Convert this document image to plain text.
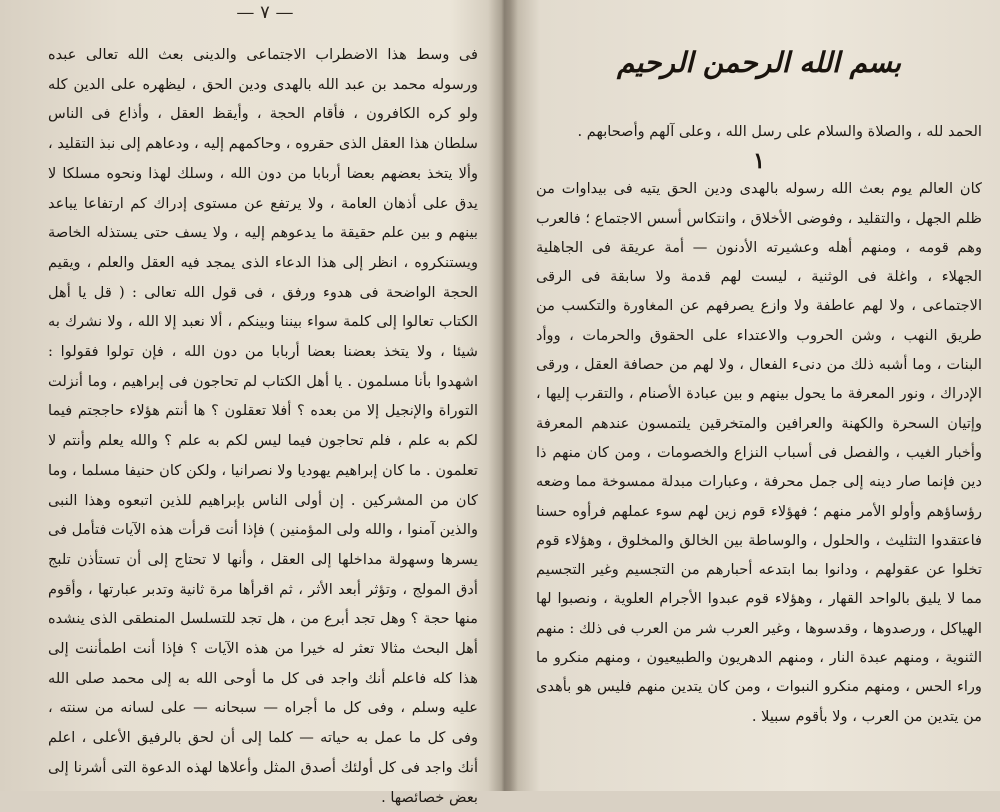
— ٧ —

فى وسط هذا الاضطراب الاجتماعى والدينى بعث الله تعالى عبده ورسوله محمد بن عبد الله بالهدى ودين الحق ، ليظهره على الدين كله ولو كره الكافرون ، فأقام الحجة ، وأيقظ العقل ، وأذاع فى الناس سلطان هذا العقل الذى حقروه ، وحاكمهم إليه ، ودعاهم إلى نبذ التقليد ، وألا يتخذ بعضهم بعضا أربابا من دون الله ، وسلك لهذا ونحوه مسلكا لا يدق على أذهان العامة ، ولا يرتفع عن مستوى إدراك كم ارتفاعا يباعد بينهم و بين علم حقيقة ما يدعوهم إليه ، ولا يسف حتى يستذله الخاصة ويستنكروه ، انظر إلى هذا الدعاء الذى يمجد فيه العقل والعلم ، ويقيم الحجة الواضحة فى هدوء ورفق ، فى قول الله تعالى : ( قل يا أهل الكتاب تعالوا إلى كلمة سواء بيننا وبينكم ، ألا نعبد إلا الله ، ولا نشرك به شيئا ، ولا يتخذ بعضنا بعضا أربابا من دون الله ، فإن تولوا فقولوا : اشهدوا بأنا مسلمون . يا أهل الكتاب لم تحاجون فى إبراهيم ، وما أنزلت التوراة والإنجيل إلا من بعده ؟ أفلا تعقلون ؟ ها أنتم هؤلاء حاججتم فيما لكم به علم ، فلم تحاجون فيما ليس لكم به علم ؟ والله يعلم وأنتم لا تعلمون . ما كان إبراهيم يهوديا ولا نصرانيا ، ولكن كان حنيفا مسلما ، وما كان من المشركين . إن أولى الناس بإبراهيم للذين اتبعوه وهذا النبى والذين آمنوا ، والله ولى المؤمنين ) فإذا أنت قرأت هذه الآيات فتأمل فى يسرها وسهولة مداخلها إلى العقل ، وأنها لا تحتاج إلى أن تستأذن تلبج أدق المولج ، وتؤثر أبعد الأثر ، ثم اقرأها مرة ثانية وتدبر عبارتها ، وأقوم منها حجة ؟ وهل تجد أبرع من ، هل تجد للتسلسل المنطقى الذى ينشده أهل البحث مثالا تعثر له خيرا من هذه الآيات ؟ فإذا أنت اطمأننت إلى هذا كله فاعلم أنك واجد فى كل ما أوحى الله به إلى محمد صلى الله عليه وسلم ، وفى كل ما أجراه — سبحانه — على لسانه من سنته ، وفى كل ما عمل به حياته — كلما إلى أن لحق بالرفيق الأعلى ، اعلم أنك واجد فى كل أولئك أصدق المثل وأعلاها لهذه الدعوة التى أشرنا إلى بعض خصائصها .

بسم الله الرحمن الرحيم

الحمد لله ، والصلاة والسلام على رسل الله ، وعلى آلهم وأصحابهم .

١

كان العالم يوم بعث الله رسوله بالهدى ودين الحق يتيه فى بيداوات من ظلم الجهل ، والتقليد ، وفوضى الأخلاق ، وانتكاس أسس الاجتماع ؛ فالعرب وهم قومه ، ومنهم أهله وعشيرته الأدنون — أمة عريقة فى الجاهلية الجهلاء ، واغلة فى الوثنية ، ليست لهم قدمة ولا سابقة فى الرقى الاجتماعى ، ولا لهم عاطفة ولا وازع يصرفهم عن المغاورة والتكسب من طريق النهب ، وشن الحروب والاعتداء على الحقوق والحرمات ، ووأد البنات ، وما أشبه ذلك من دنىء الفعال ، ولا لهم من حصافة العقل ، ورقى الإدراك ، ونور المعرفة ما يحول بينهم و بين عبادة الأصنام ، والتقرب إليها ، وإتيان السحرة والكهنة والعرافين والمتخرقين يلتمسون عندهم المعرفة وأخبار الغيب ، والفصل فى أسباب النزاع والخصومات ، ومن كان منهم ذا دين فإنما صار دينه إلى جمل محرفة ، وعبارات مبدلة ممسوخة مما وضعه رؤساؤهم وأولو الأمر منهم ؛ فهؤلاء قوم زين لهم سوء عملهم فرأوه حسنا فاعتقدوا التثليث ، والحلول ، والوساطة بين الخالق والمخلوق ، وهؤلاء قوم تخلوا عن عقولهم ، ودانوا بما ابتدعه أحبارهم من التجسيم وغير التجسيم مما لا يليق بالواحد القهار ، وهؤلاء قوم عبدوا الأجرام العلوية ، ونصبوا لها الهياكل ، ورصدوها ، وقدسوها ، وغير العرب شر من العرب فى ذلك : منهم الثنوية ، ومنهم عبدة النار ، ومنهم الدهريون والطبيعيون ، ومنهم منكرو ما وراء الحس ، ومنهم منكرو النبوات ، ومن كان يتدين منهم فليس هو بأهدى من يتدين من العرب ، ولا بأقوم سبيلا .
